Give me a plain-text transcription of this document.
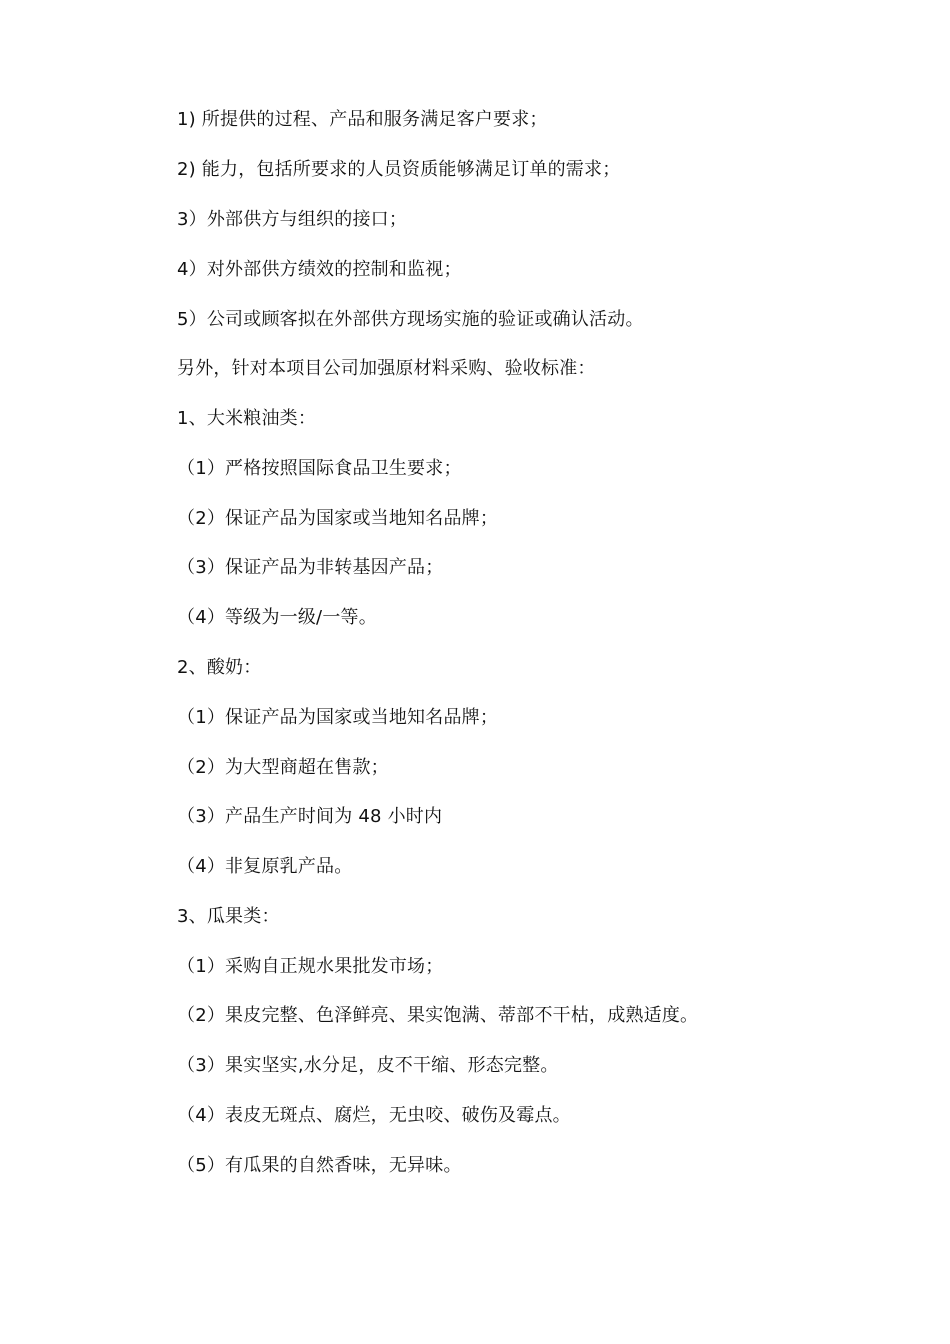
1) 所提供的过程、产品和服务满足客户要求；
2) 能力，包括所要求的人员资质能够满足订单的需求；
3）外部供方与组织的接口；
4）对外部供方绩效的控制和监视；
5）公司或顾客拟在外部供方现场实施的验证或确认活动。
另外，针对本项目公司加强原材料采购、验收标准：
1、大米粮油类：
（1）严格按照国际食品卫生要求；
（2）保证产品为国家或当地知名品牌；
（3）保证产品为非转基因产品；
（4）等级为一级/一等。
2、酸奶：
（1）保证产品为国家或当地知名品牌；
（2）为大型商超在售款；
（3）产品生产时间为 48 小时内
（4）非复原乳产品。
3、瓜果类：
（1）采购自正规水果批发市场；
（2）果皮完整、色泽鲜亮、果实饱满、蒂部不干枯，成熟适度。
（3）果实坚实,水分足，皮不干缩、形态完整。
（4）表皮无斑点、腐烂，无虫咬、破伤及霉点。
（5）有瓜果的自然香味，无异味。
